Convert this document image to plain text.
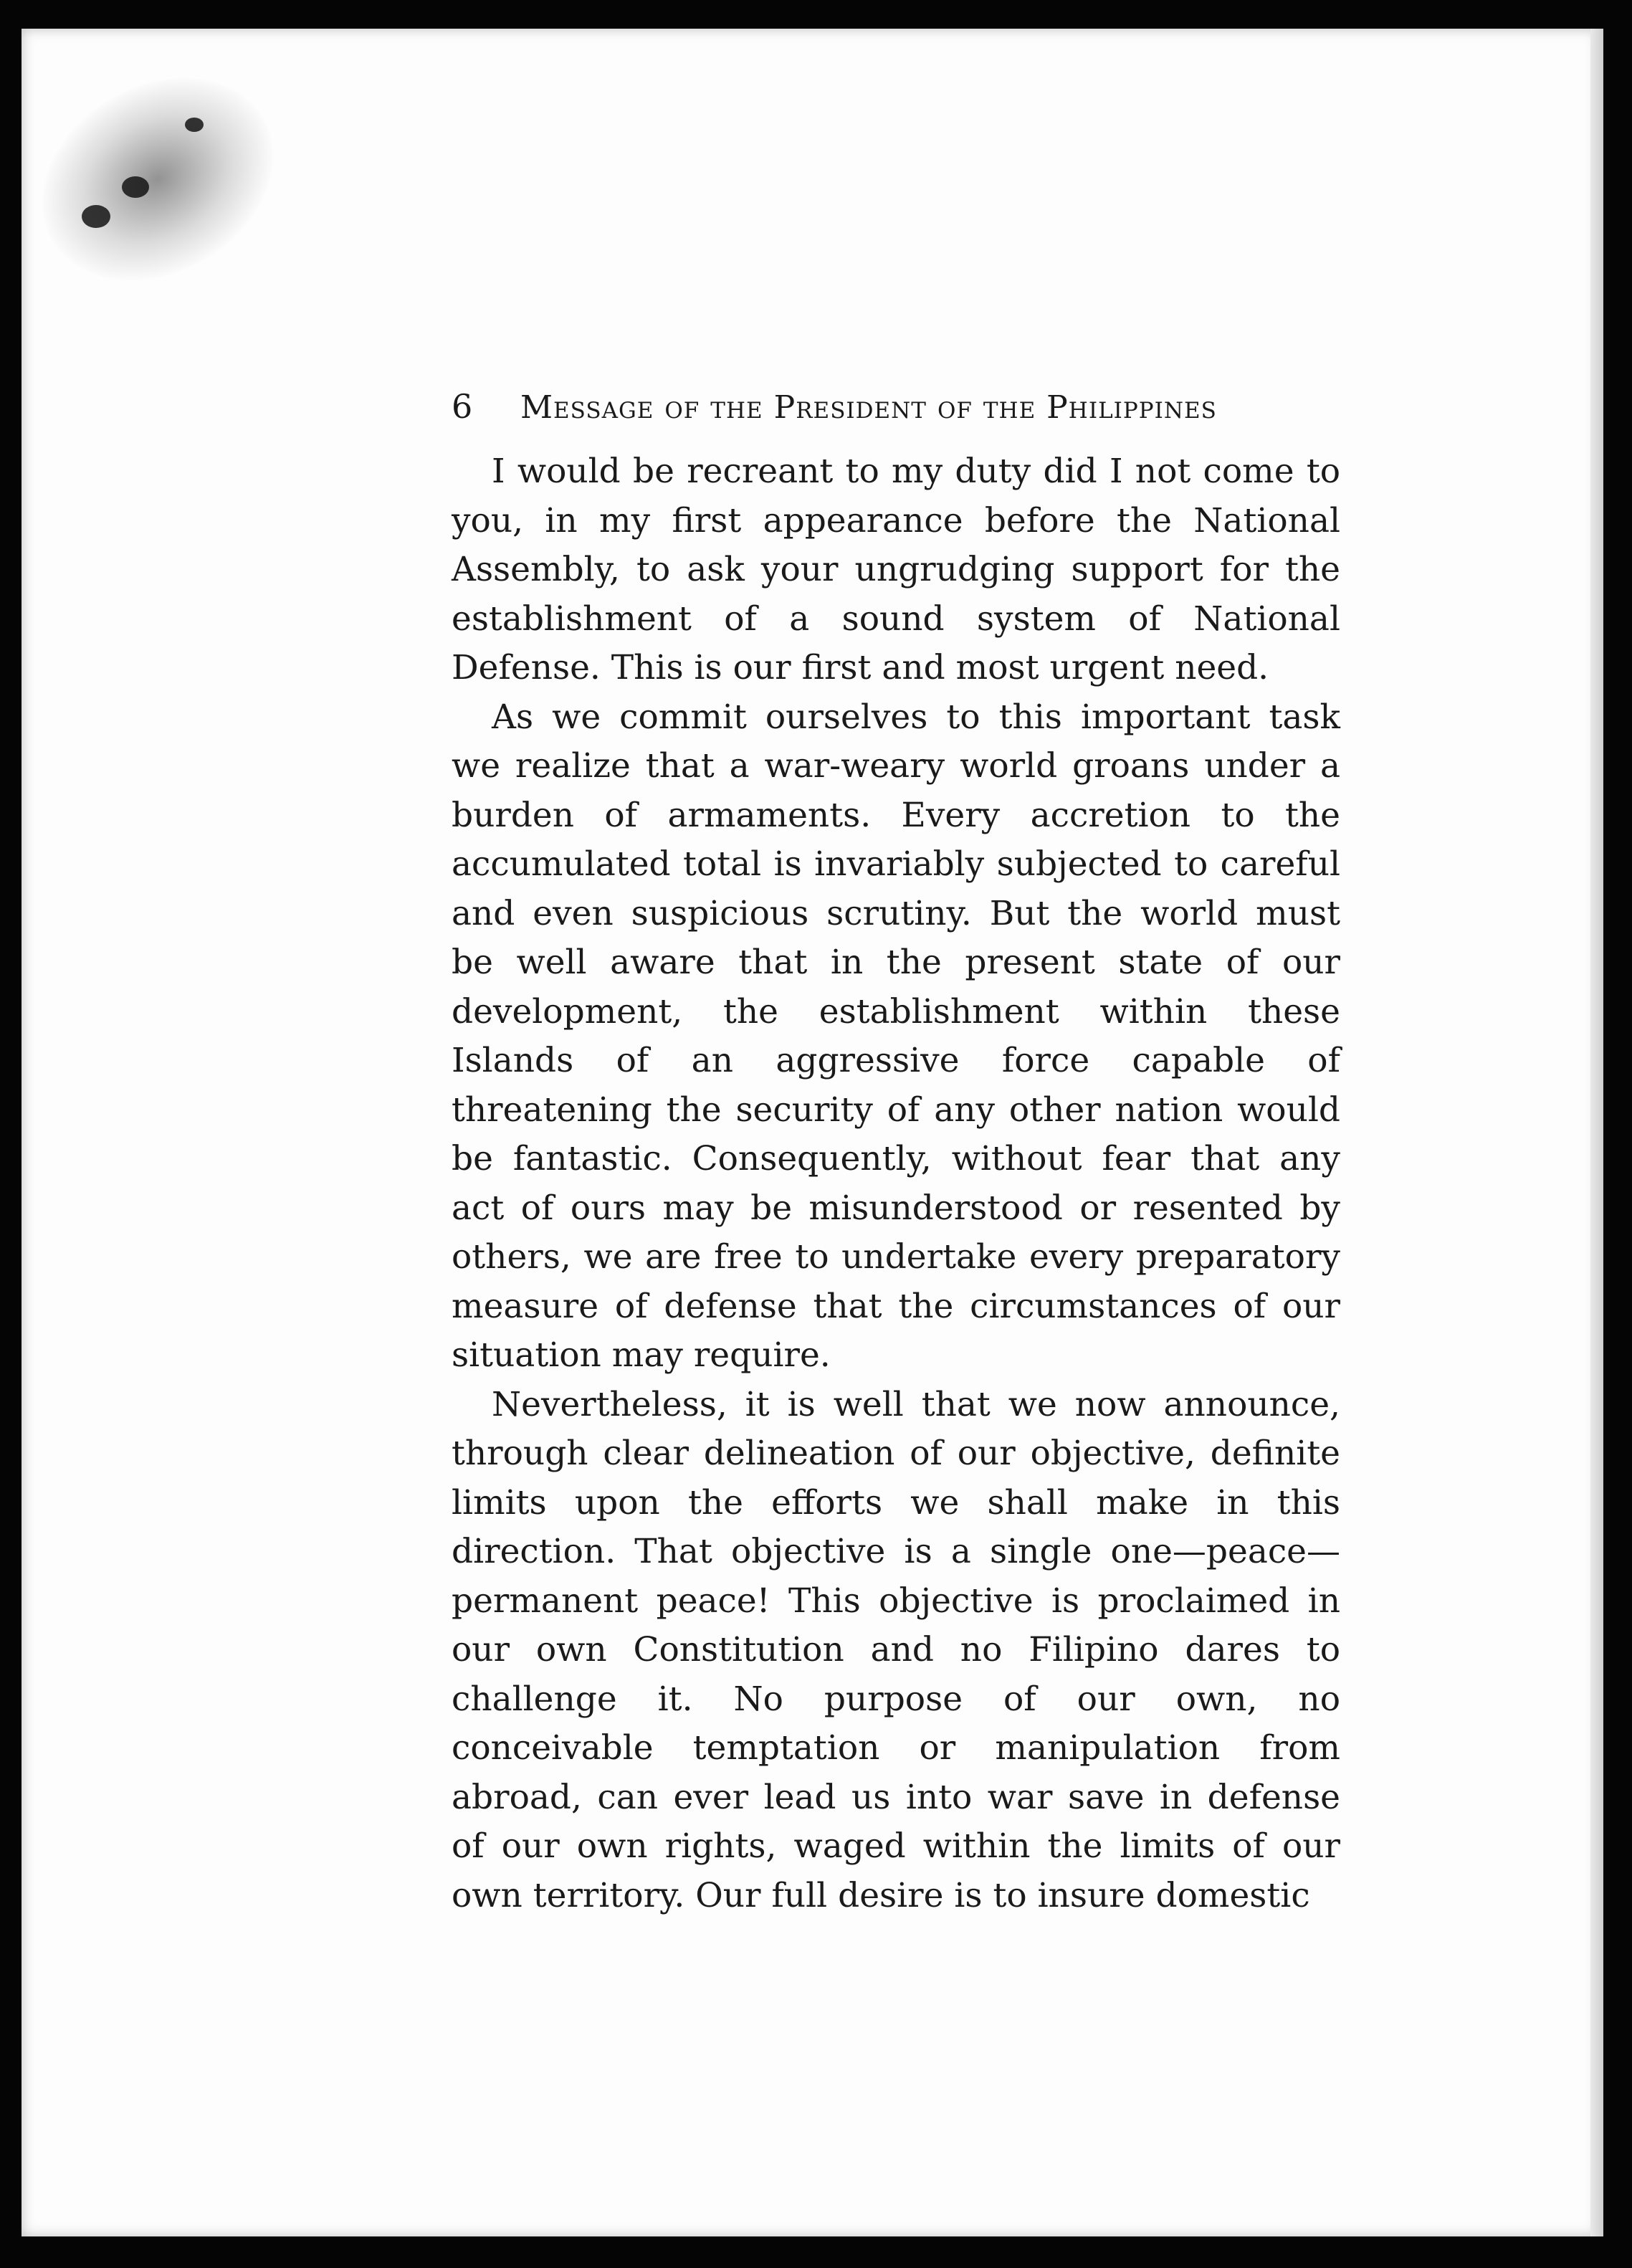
6	Message of the President of the Philippines

I would be recreant to my duty did I not come to you, in my first appearance before the National Assembly, to ask your ungrudging support for the establishment of a sound system of National Defense. This is our first and most urgent need.

As we commit ourselves to this important task we realize that a war-weary world groans under a burden of armaments. Every accretion to the accumulated total is invariably subjected to careful and even suspicious scrutiny. But the world must be well aware that in the present state of our development, the establishment within these Islands of an aggressive force capable of threatening the security of any other nation would be fantastic. Consequently, without fear that any act of ours may be misunderstood or resented by others, we are free to undertake every preparatory measure of defense that the circumstances of our situation may require.

Nevertheless, it is well that we now announce, through clear delineation of our objective, definite limits upon the efforts we shall make in this direction. That objective is a single one—peace—permanent peace! This objective is proclaimed in our own Constitution and no Filipino dares to challenge it. No purpose of our own, no conceivable temptation or manipulation from abroad, can ever lead us into war save in defense of our own rights, waged within the limits of our own territory. Our full desire is to insure domestic
